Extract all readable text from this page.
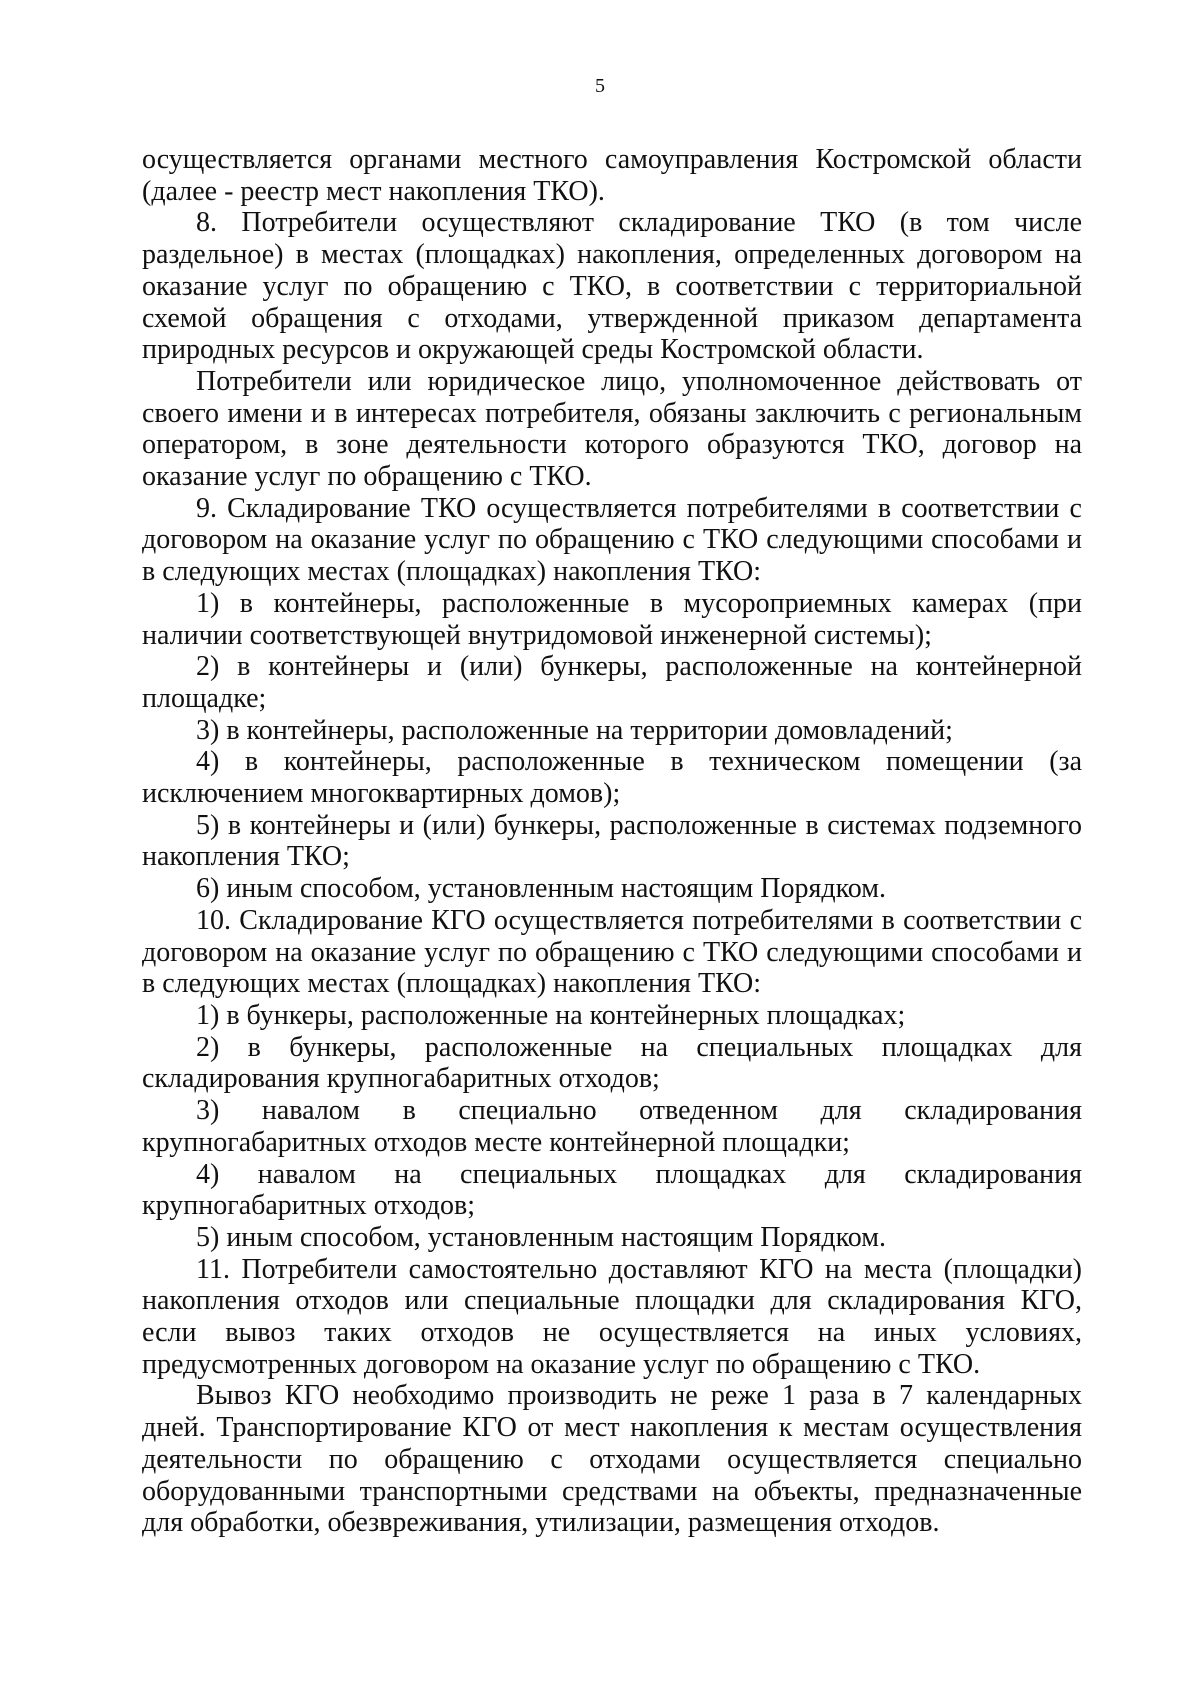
5

осуществляется органами местного самоуправления Костромской области (далее - реестр мест накопления ТКО).

8. Потребители осуществляют складирование ТКО (в том числе раздельное) в местах (площадках) накопления, определенных договором на оказание услуг по обращению с ТКО, в соответствии с территориальной схемой обращения с отходами, утвержденной приказом департамента природных ресурсов и окружающей среды Костромской области.

Потребители или юридическое лицо, уполномоченное действовать от своего имени и в интересах потребителя, обязаны заключить с региональным оператором, в зоне деятельности которого образуются ТКО, договор на оказание услуг по обращению с ТКО.

9. Складирование ТКО осуществляется потребителями в соответствии с договором на оказание услуг по обращению с ТКО следующими способами и в следующих местах (площадках) накопления ТКО:

1) в контейнеры, расположенные в мусороприемных камерах (при наличии соответствующей внутридомовой инженерной системы);

2) в контейнеры и (или) бункеры, расположенные на контейнерной площадке;

3) в контейнеры, расположенные на территории домовладений;

4) в контейнеры, расположенные в техническом помещении (за исключением многоквартирных домов);

5) в контейнеры и (или) бункеры, расположенные в системах подземного накопления ТКО;

6) иным способом, установленным настоящим Порядком.

10. Складирование КГО осуществляется потребителями в соответствии с договором на оказание услуг по обращению с ТКО следующими способами и в следующих местах (площадках) накопления ТКО:

1) в бункеры, расположенные на контейнерных площадках;

2) в бункеры, расположенные на специальных площадках для складирования крупногабаритных отходов;

3) навалом в специально отведенном для складирования крупногабаритных отходов месте контейнерной площадки;

4) навалом на специальных площадках для складирования крупногабаритных отходов;

5) иным способом, установленным настоящим Порядком.

11. Потребители самостоятельно доставляют КГО на места (площадки) накопления отходов или специальные площадки для складирования КГО, если вывоз таких отходов не осуществляется на иных условиях, предусмотренных договором на оказание услуг по обращению с ТКО.

Вывоз КГО необходимо производить не реже 1 раза в 7 календарных дней. Транспортирование КГО от мест накопления к местам осуществления деятельности по обращению с отходами осуществляется специально оборудованными транспортными средствами на объекты, предназначенные для обработки, обезвреживания, утилизации, размещения отходов.
